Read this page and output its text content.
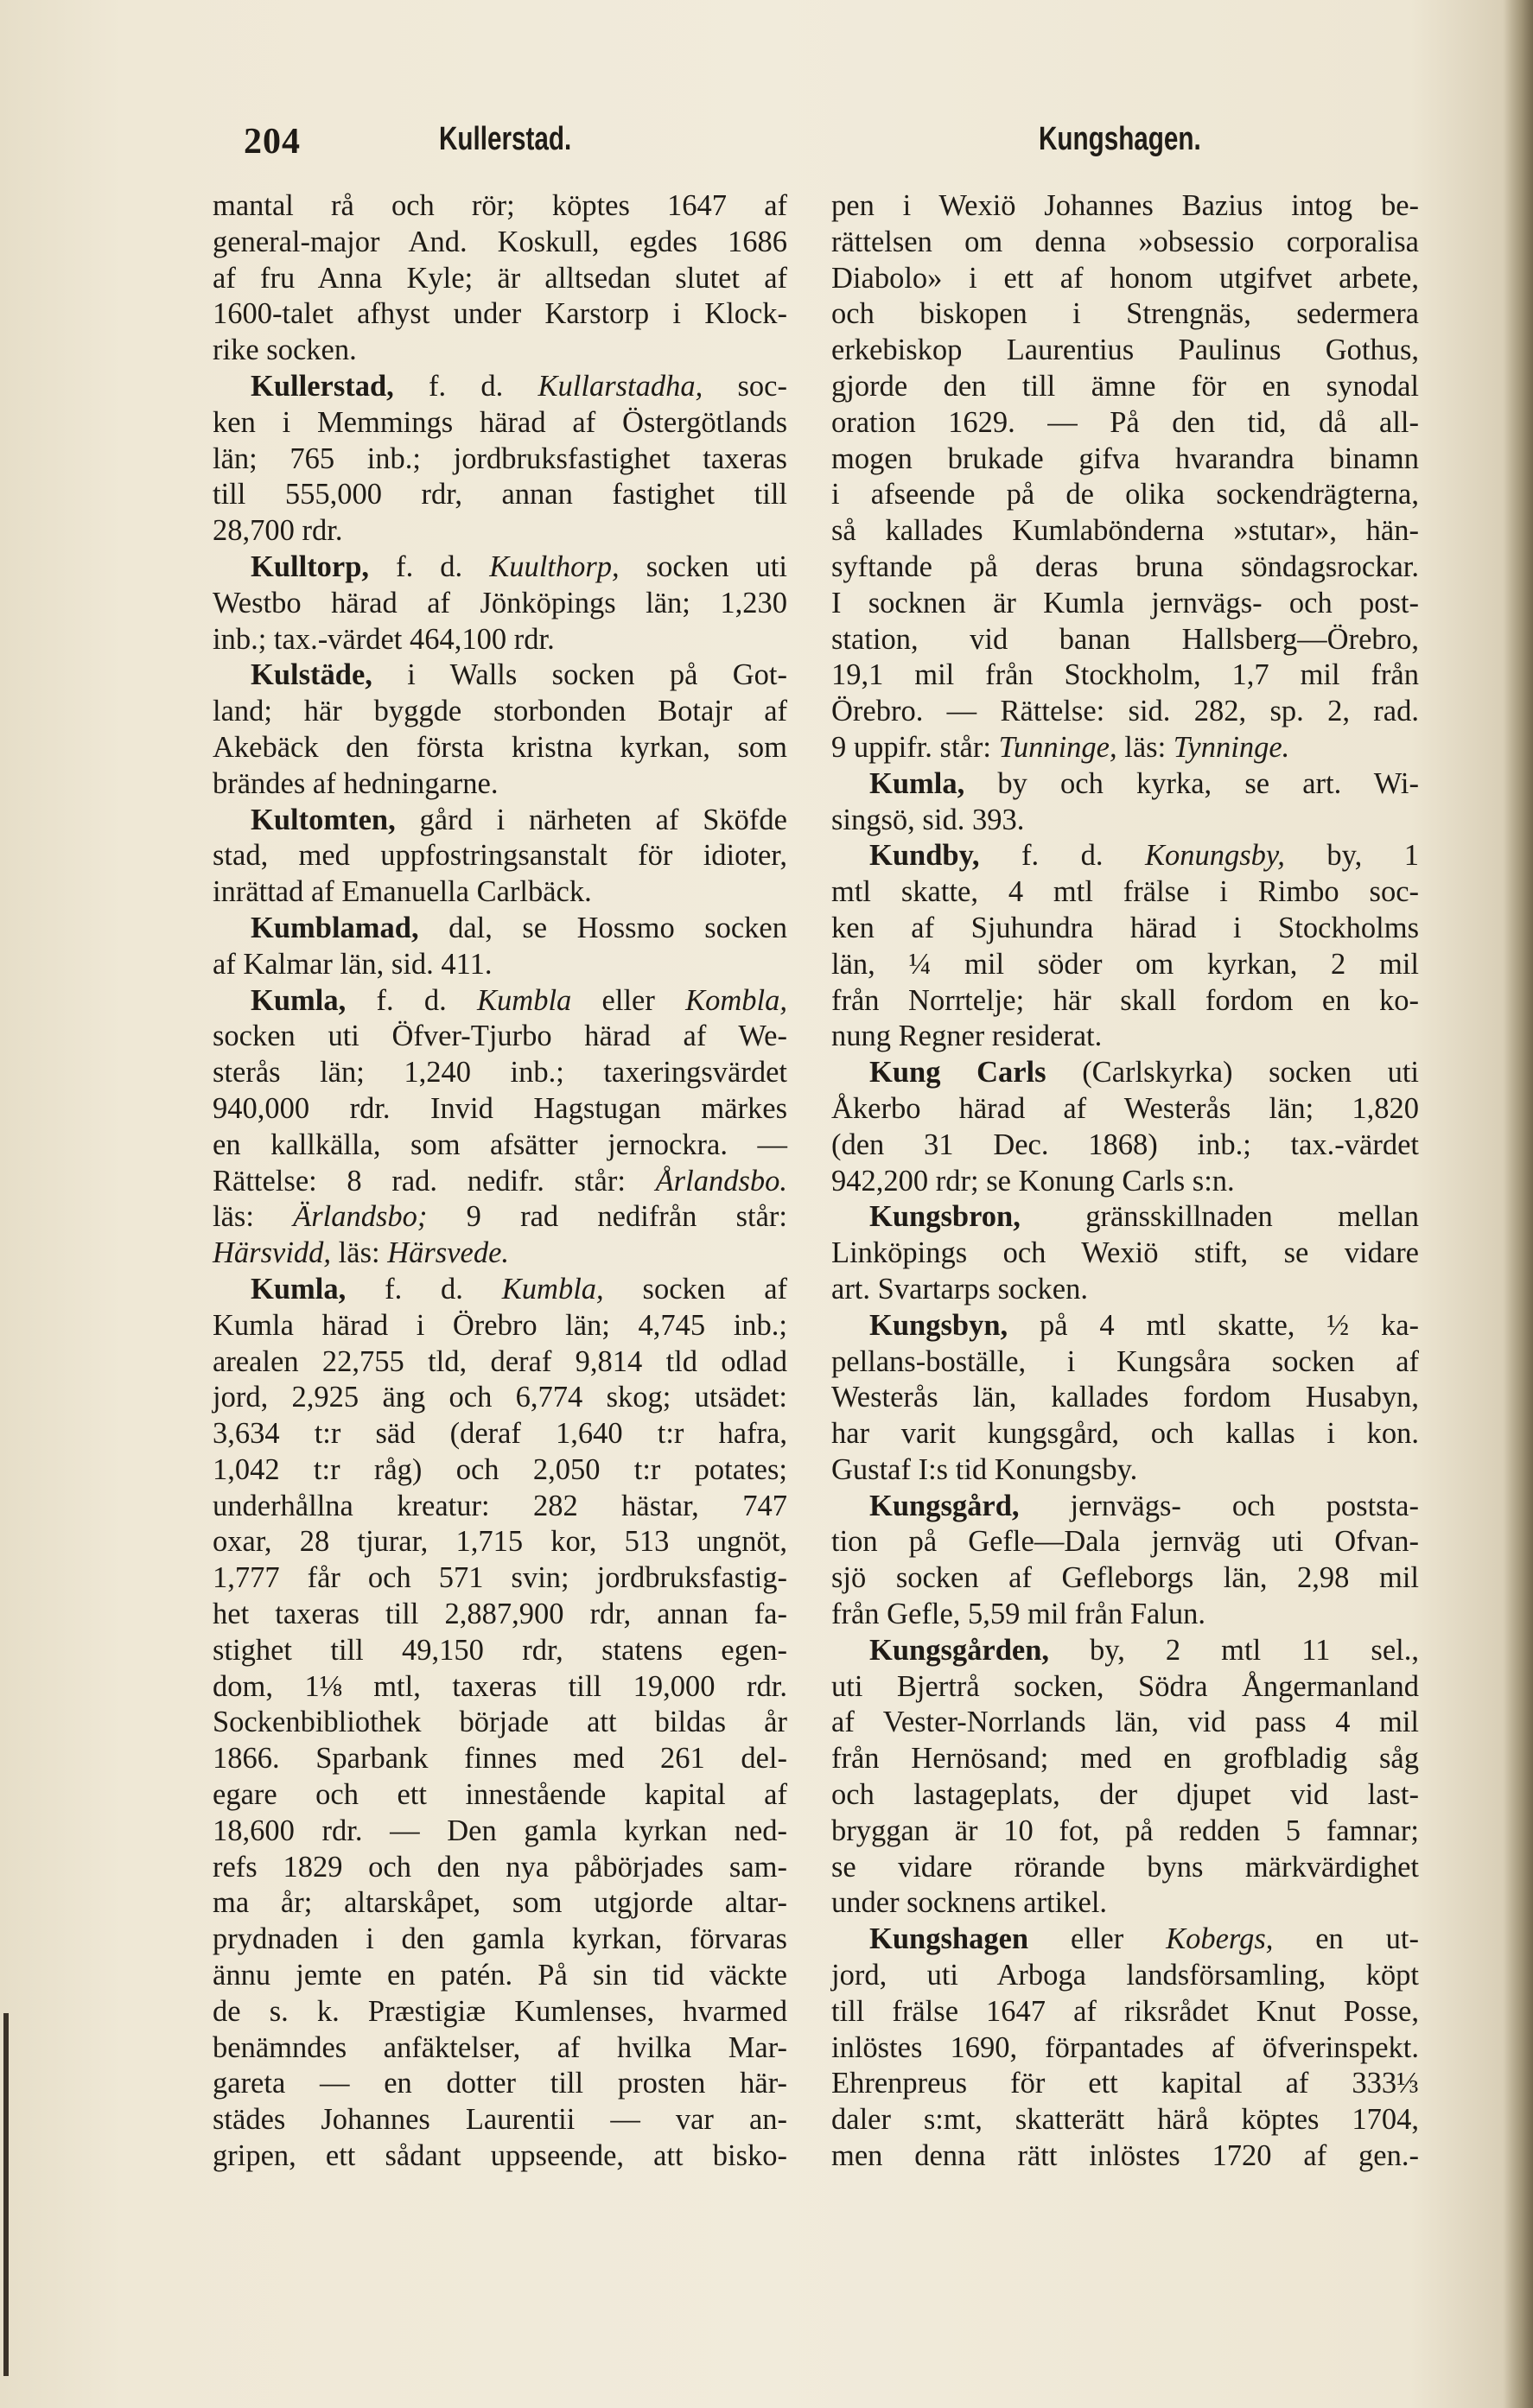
204	Kullerstad.	Kungshagen.
mantal rå och rör; köptes 1647 af
general-major And. Koskull, egdes 1686
af fru Anna Kyle; är alltsedan slutet af
1600-talet afhyst under Karstorp i Klock-
rike socken.
Kullerstad, f. d. Kullarstadha, soc-
ken i Memmings härad af Östergötlands
län; 765 inb.; jordbruksfastighet taxeras
till 555,000 rdr, annan fastighet till
28,700 rdr.
Kulltorp, f. d. Kuulthorp, socken uti
Westbo härad af Jönköpings län; 1,230
inb.; tax.-värdet 464,100 rdr.
Kulstäde, i Walls socken på Got-
land; här byggde storbonden Botajr af
Akebäck den första kristna kyrkan, som
brändes af hedningarne.
Kultomten, gård i närheten af Sköfde
stad, med uppfostringsanstalt för idioter,
inrättad af Emanuella Carlbäck.
Kumblamad, dal, se Hossmo socken
af Kalmar län, sid. 411.
Kumla, f. d. Kumbla eller Kombla,
socken uti Öfver-Tjurbo härad af We-
sterås län; 1,240 inb.; taxeringsvärdet
940,000 rdr. Invid Hagstugan märkes
en kallkälla, som afsätter jernockra. —
Rättelse: 8 rad. nedifr. står: Årlandsbo.
läs: Ärlandsbo; 9 rad nedifrån står:
Härsvidd, läs: Härsvede.
Kumla, f. d. Kumbla, socken af
Kumla härad i Örebro län; 4,745 inb.;
arealen 22,755 tld, deraf 9,814 tld odlad
jord, 2,925 äng och 6,774 skog; utsädet:
3,634 t:r säd (deraf 1,640 t:r hafra,
1,042 t:r råg) och 2,050 t:r potates;
underhållna kreatur: 282 hästar, 747
oxar, 28 tjurar, 1,715 kor, 513 ungnöt,
1,777 får och 571 svin; jordbruksfastig-
het taxeras till 2,887,900 rdr, annan fa-
stighet till 49,150 rdr, statens egen-
dom, 1⅛ mtl, taxeras till 19,000 rdr.
Sockenbibliothek började att bildas år
1866. Sparbank finnes med 261 del-
egare och ett innestående kapital af
18,600 rdr. — Den gamla kyrkan ned-
refs 1829 och den nya påbörjades sam-
ma år; altarskåpet, som utgjorde altar-
prydnaden i den gamla kyrkan, förvaras
ännu jemte en patén. På sin tid väckte
de s. k. Præstigiæ Kumlenses, hvarmed
benämndes anfäktelser, af hvilka Mar-
gareta — en dotter till prosten här-
städes Johannes Laurentii — var an-
gripen, ett sådant uppseende, att bisko-
pen i Wexiö Johannes Bazius intog be-
rättelsen om denna »obsessio corporalisa
Diabolo» i ett af honom utgifvet arbete,
och biskopen i Strengnäs, sedermera
erkebiskop Laurentius Paulinus Gothus,
gjorde den till ämne för en synodal
oration 1629. — På den tid, då all-
mogen brukade gifva hvarandra binamn
i afseende på de olika sockendrägterna,
så kallades Kumlabönderna »stutar», hän-
syftande på deras bruna söndagsrockar.
I socknen är Kumla jernvägs- och post-
station, vid banan Hallsberg—Örebro,
19,1 mil från Stockholm, 1,7 mil från
Örebro. — Rättelse: sid. 282, sp. 2, rad.
9 uppifr. står: Tunninge, läs: Tynninge.
Kumla, by och kyrka, se art. Wi-
singsö, sid. 393.
Kundby, f. d. Konungsby, by, 1
mtl skatte, 4 mtl frälse i Rimbo soc-
ken af Sjuhundra härad i Stockholms
län, ¼ mil söder om kyrkan, 2 mil
från Norrtelje; här skall fordom en ko-
nung Regner residerat.
Kung Carls (Carlskyrka) socken uti
Åkerbo härad af Westerås län; 1,820
(den 31 Dec. 1868) inb.; tax.-värdet
942,200 rdr; se Konung Carls s:n.
Kungsbron, gränsskillnaden mellan
Linköpings och Wexiö stift, se vidare
art. Svartarps socken.
Kungsbyn, på 4 mtl skatte, ½ ka-
pellans-boställe, i Kungsåra socken af
Westerås län, kallades fordom Husabyn,
har varit kungsgård, och kallas i kon.
Gustaf I:s tid Konungsby.
Kungsgård, jernvägs- och poststa-
tion på Gefle—Dala jernväg uti Ofvan-
sjö socken af Gefleborgs län, 2,98 mil
från Gefle, 5,59 mil från Falun.
Kungsgården, by, 2 mtl 11 sel.,
uti Bjertrå socken, Södra Ångermanland
af Vester-Norrlands län, vid pass 4 mil
från Hernösand; med en grofbladig såg
och lastageplats, der djupet vid last-
bryggan är 10 fot, på redden 5 famnar;
se vidare rörande byns märkvärdighet
under socknens artikel.
Kungshagen eller Kobergs, en ut-
jord, uti Arboga landsförsamling, köpt
till frälse 1647 af riksrådet Knut Posse,
inlöstes 1690, förpantades af öfverinspekt.
Ehrenpreus för ett kapital af 333⅓
daler s:mt, skatterätt härå köptes 1704,
men denna rätt inlöstes 1720 af gen.-
